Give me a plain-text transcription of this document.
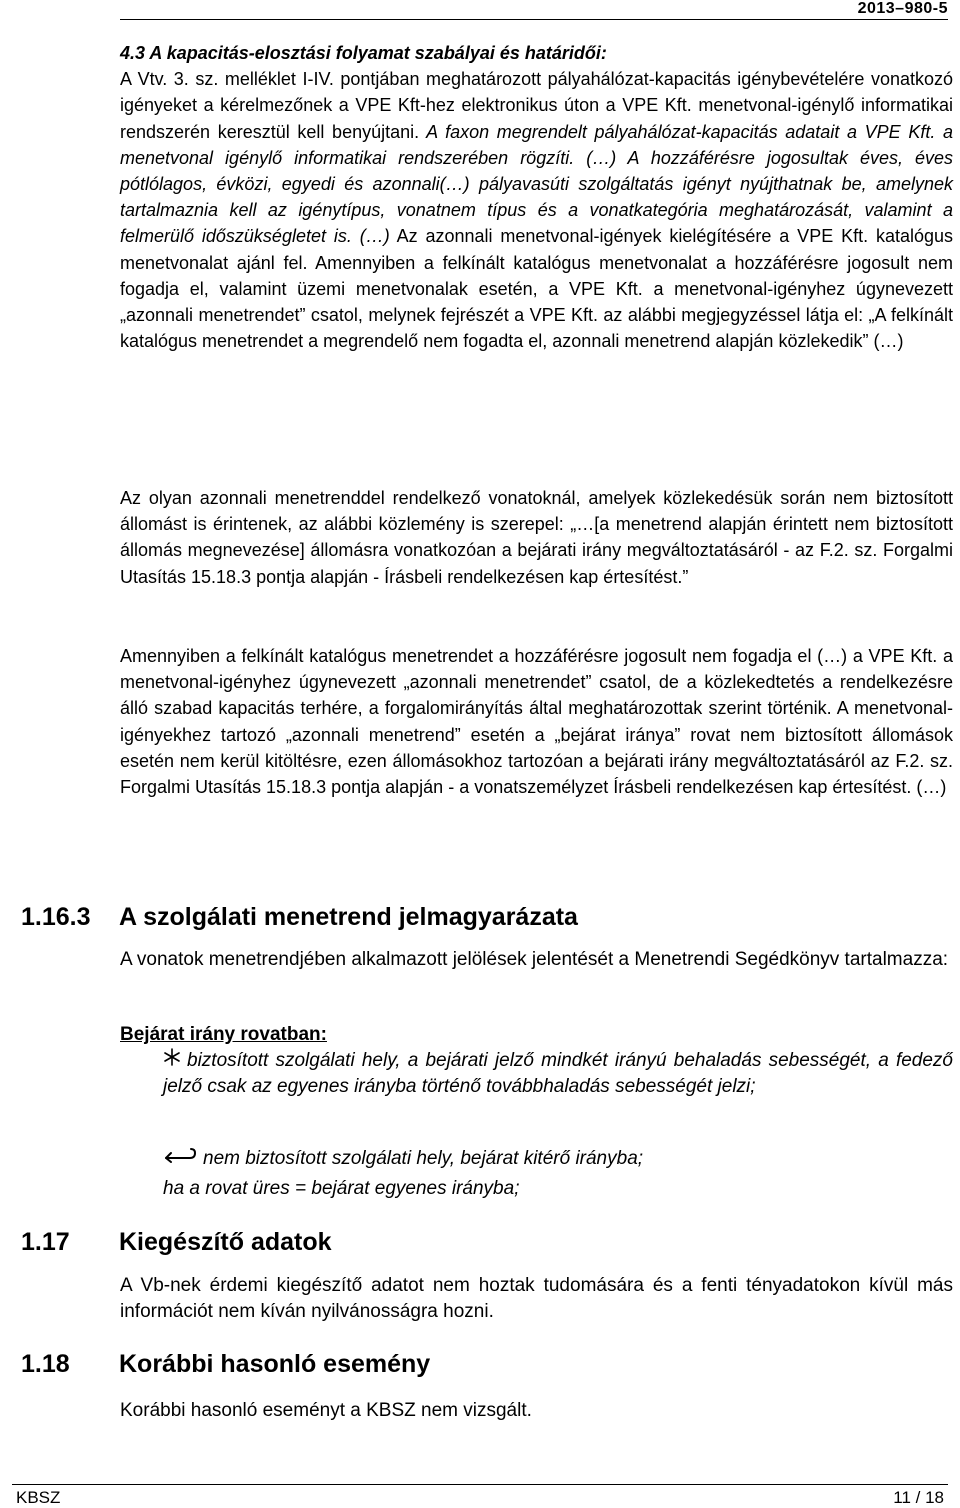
2013–980-5

4.3 A kapacitás-elosztási folyamat szabályai és határidői:
A Vtv. 3. sz. melléklet I-IV. pontjában meghatározott pályahálózat-kapacitás igénybevételére vonatkozó igényeket a kérelmezőnek a VPE Kft-hez elektronikus úton a VPE Kft. menetvonal-igénylő informatikai rendszerén keresztül kell benyújtani. A faxon megrendelt pályahálózat-kapacitás adatait a VPE Kft. a menetvonal igénylő informatikai rendszerében rögzíti. (…) A hozzáférésre jogosultak éves, éves pótlólagos, évközi, egyedi és azonnali(…) pályavasúti szolgáltatás igényt nyújthatnak be, amelynek tartalmaznia kell az igénytípus, vonatnem típus és a vonatkategória meghatározását, valamint a felmerülő időszükségletet is. (…) Az azonnali menetvonal-igények kielégítésére a VPE Kft. katalógus menetvonalat ajánl fel. Amennyiben a felkínált katalógus menetvonalat a hozzáférésre jogosult nem fogadja el, valamint üzemi menetvonalak esetén, a VPE Kft. a menetvonal-igényhez úgynevezett „azonnali menetrendet” csatol, melynek fejrészét a VPE Kft. az alábbi megjegyzéssel látja el: „A felkínált katalógus menetrendet a megrendelő nem fogadta el, azonnali menetrend alapján közlekedik” (…)

Az olyan azonnali menetrenddel rendelkező vonatoknál, amelyek közlekedésük során nem biztosított állomást is érintenek, az alábbi közlemény is szerepel: „…[a menetrend alapján érintett nem biztosított állomás megnevezése] állomásra vonatkozóan a bejárati irány megváltoztatásáról - az F.2. sz. Forgalmi Utasítás 15.18.3 pontja alapján - Írásbeli rendelkezésen kap értesítést.”

Amennyiben a felkínált katalógus menetrendet a hozzáférésre jogosult nem fogadja el (…) a VPE Kft. a menetvonal-igényhez úgynevezett „azonnali menetrendet” csatol, de a közlekedtetés a rendelkezésre álló szabad kapacitás terhére, a forgalomirányítás által meghatározottak szerint történik. A menetvonal-igényekhez tartozó „azonnali menetrend” esetén a „bejárat iránya” rovat nem biztosított állomások esetén nem kerül kitöltésre, ezen állomásokhoz tartozóan a bejárati irány megváltoztatásáról az F.2. sz. Forgalmi Utasítás 15.18.3 pontja alapján - a vonatszemélyzet Írásbeli rendelkezésen kap értesítést. (…)

1.16.3	A szolgálati menetrend jelmagyarázata
A vonatok menetrendjében alkalmazott jelölések jelentését a Menetrendi Segédkönyv tartalmazza:
Bejárat irány rovatban:
biztosított szolgálati hely, a bejárati jelző mindkét irányú behaladás sebességét, a fedező jelző csak az egyenes irányba történő továbbhaladás sebességét jelzi;
nem biztosított szolgálati hely, bejárat kitérő irányba;
ha a rovat üres = bejárat egyenes irányba;
1.17	Kiegészítő adatok
A Vb-nek érdemi kiegészítő adatot nem hoztak tudomására és a fenti tényadatokon kívül más információt nem kíván nyilvánosságra hozni.
1.18	Korábbi hasonló esemény
Korábbi hasonló eseményt a KBSZ nem vizsgált.
KBSZ	11 / 18
